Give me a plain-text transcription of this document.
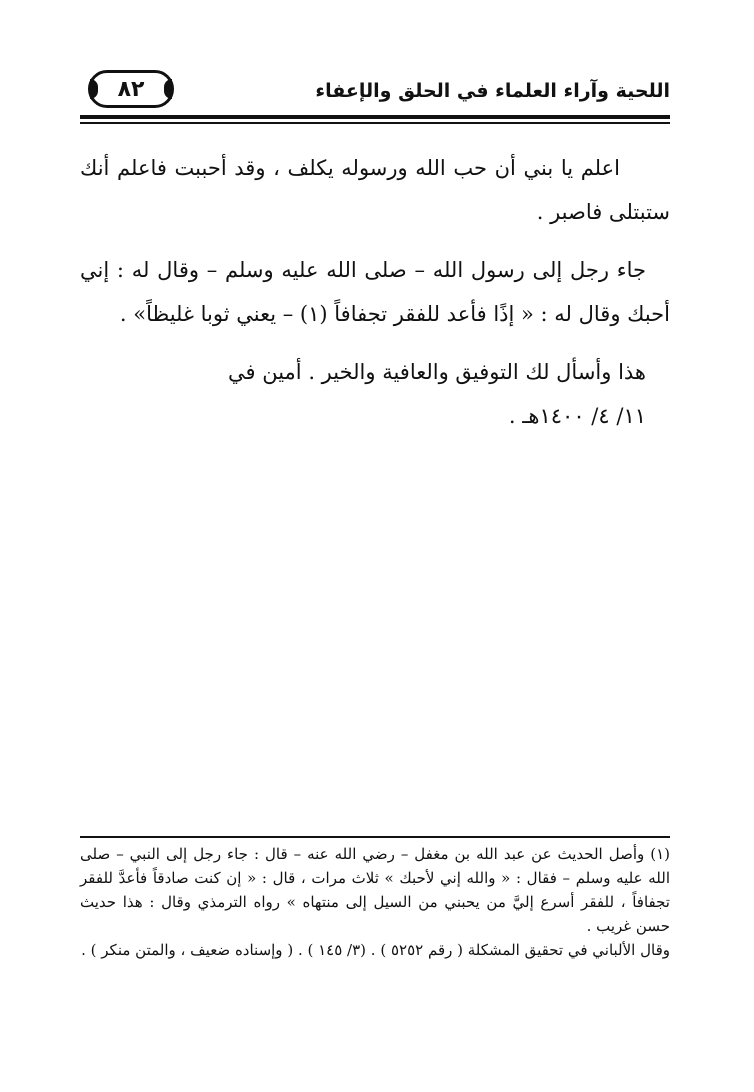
اللحية وآراء العلماء في الحلق والإعفاء
٨٢

اعلم يا بني أن حب الله ورسوله يكلف ، وقد أحببت فاعلم أنك ستبتلى فاصبر .

جاء رجل إلى رسول الله – صلى الله عليه وسلم – وقال له : إني أحبك وقال له : « إذًا فأعد للفقر تجفافاً (١) – يعني ثوبا غليظاً» .

هذا وأسأل لك التوفيق والعافية والخير . أمين في

١١/ ٤/ ١٤٠٠هـ .

(١) وأصل الحديث عن عبد الله بن مغفل – رضي الله عنه – قال : جاء رجل إلى النبي – صلى الله عليه وسلم – فقال : « والله إني لأحبك » ثلاث مرات ، قال : « إن كنت صادقاً فأعدَّ للفقر تجفافاً ، للفقر أسرع إليَّ من يحبني من السيل إلى منتهاه » رواه الترمذي وقال : هذا حديث حسن غريب .

وقال الألباني في تحقيق المشكلة ( رقم ٥٢٥٢ ) . (٣/ ١٤٥ ) . ( وإسناده ضعيف ، والمتن منكر ) .
